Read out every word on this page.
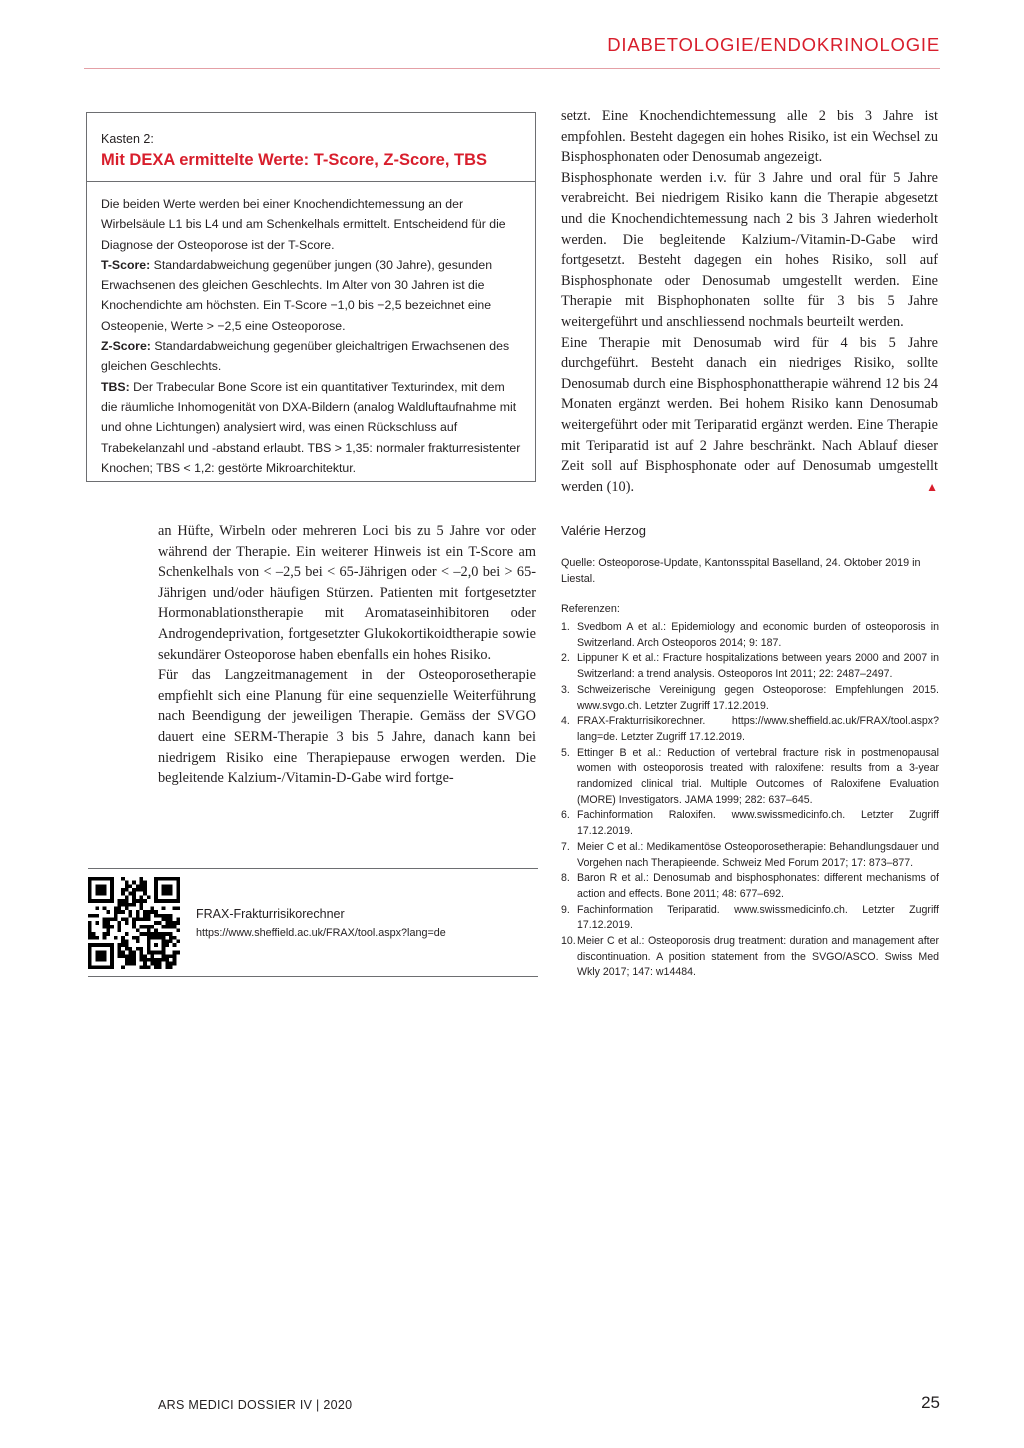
DIABETOLOGIE/ENDOKRINOLOGIE

Kasten 2:

Mit DEXA ermittelte Werte: T-Score, Z-Score, TBS

Die beiden Werte werden bei einer Knochendichtemessung an der Wirbelsäule L1 bis L4 und am Schenkelhals ermittelt. Entscheidend für die Diagnose der Osteoporose ist der T-Score.

T-Score: Standardabweichung gegenüber jungen (30 Jahre), gesunden Erwachsenen des gleichen Geschlechts. Im Alter von 30 Jahren ist die Knochendichte am höchsten. Ein T-Score −1,0 bis −2,5 bezeichnet eine Osteopenie, Werte > −2,5 eine Osteoporose.

Z-Score: Standardabweichung gegenüber gleichaltrigen Erwachsenen des gleichen Geschlechts.

TBS: Der Trabecular Bone Score ist ein quantitativer Texturindex, mit dem die räumliche Inhomogenität von DXA-Bildern (analog Waldluftaufnahme mit und ohne Lichtungen) analysiert wird, was einen Rückschluss auf Trabekelanzahl und -abstand erlaubt. TBS > 1,35: normaler frakturresistenter Knochen; TBS < 1,2: gestörte Mikroarchitektur.

an Hüfte, Wirbeln oder mehreren Loci bis zu 5 Jahre vor oder während der Therapie. Ein weiterer Hinweis ist ein T-Score am Schenkelhals von < –2,5 bei < 65-Jährigen oder < –2,0 bei > 65-Jährigen und/oder häufigen Stürzen. Patienten mit fortgesetzter Hormonablationstherapie mit Aromataseinhibitoren oder Androgendeprivation, fortgesetzter Glukokortikoidtherapie sowie sekundärer Osteoporose haben ebenfalls ein hohes Risiko.

Für das Langzeitmanagement in der Osteoporosetherapie empfiehlt sich eine Planung für eine sequenzielle Weiterführung nach Beendigung der jeweiligen Therapie. Gemäss der SVGO dauert eine SERM-Therapie 3 bis 5 Jahre, danach kann bei niedrigem Risiko eine Therapiepause erwogen werden. Die begleitende Kalzium-/Vitamin-D-Gabe wird fortge-

setzt. Eine Knochendichtemessung alle 2 bis 3 Jahre ist empfohlen. Besteht dagegen ein hohes Risiko, ist ein Wechsel zu Bisphosphonaten oder Denosumab angezeigt.

Bisphosphonate werden i.v. für 3 Jahre und oral für 5 Jahre verabreicht. Bei niedrigem Risiko kann die Therapie abgesetzt und die Knochendichtemessung nach 2 bis 3 Jahren wiederholt werden. Die begleitende Kalzium-/Vitamin-D-Gabe wird fortgesetzt. Besteht dagegen ein hohes Risiko, soll auf Bisphosphonate oder Denosumab umgestellt werden. Eine Therapie mit Bisphophonaten sollte für 3 bis 5 Jahre weitergeführt und anschliessend nochmals beurteilt werden.

Eine Therapie mit Denosumab wird für 4 bis 5 Jahre durchgeführt. Besteht danach ein niedriges Risiko, sollte Denosumab durch eine Bisphosphonattherapie während 12 bis 24 Monaten ergänzt werden. Bei hohem Risiko kann Denosumab weitergeführt oder mit Teriparatid ergänzt werden. Eine Therapie mit Teriparatid ist auf 2 Jahre beschränkt. Nach Ablauf dieser Zeit soll auf Bisphosphonate oder auf Denosumab umgestellt werden (10).	▲

FRAX-Frakturrisikorechner
https://www.sheffield.ac.uk/FRAX/tool.aspx?lang=de
Valérie Herzog
Quelle: Osteoporose-Update, Kantonsspital Baselland, 24. Oktober 2019 in Liestal.
Referenzen:
1. Svedbom A et al.: Epidemiology and economic burden of osteoporosis in Switzerland. Arch Osteoporos 2014; 9: 187.
2. Lippuner K et al.: Fracture hospitalizations between years 2000 and 2007 in Switzerland: a trend analysis. Osteoporos Int 2011; 22: 2487–2497.
3. Schweizerische Vereinigung gegen Osteoporose: Empfehlungen 2015. www.svgo.ch. Letzter Zugriff 17.12.2019.
4. FRAX-Frakturrisikorechner. https://www.sheffield.ac.uk/FRAX/tool.aspx?lang=de. Letzter Zugriff 17.12.2019.
5. Ettinger B et al.: Reduction of vertebral fracture risk in postmenopausal women with osteoporosis treated with raloxifene: results from a 3-year randomized clinical trial. Multiple Outcomes of Raloxifene Evaluation (MORE) Investigators. JAMA 1999; 282: 637–645.
6. Fachinformation Raloxifen. www.swissmedicinfo.ch. Letzter Zugriff 17.12.2019.
7. Meier C et al.: Medikamentöse Osteoporosetherapie: Behandlungsdauer und Vorgehen nach Therapieende. Schweiz Med Forum 2017; 17: 873–877.
8. Baron R et al.: Denosumab and bisphosphonates: different mechanisms of action and effects. Bone 2011; 48: 677–692.
9. Fachinformation Teriparatid. www.swissmedicinfo.ch. Letzter Zugriff 17.12.2019.
10. Meier C et al.: Osteoporosis drug treatment: duration and management after discontinuation. A position statement from the SVGO/ASCO. Swiss Med Wkly 2017; 147: w14484.
ARS MEDICI DOSSIER IV | 2020	25
